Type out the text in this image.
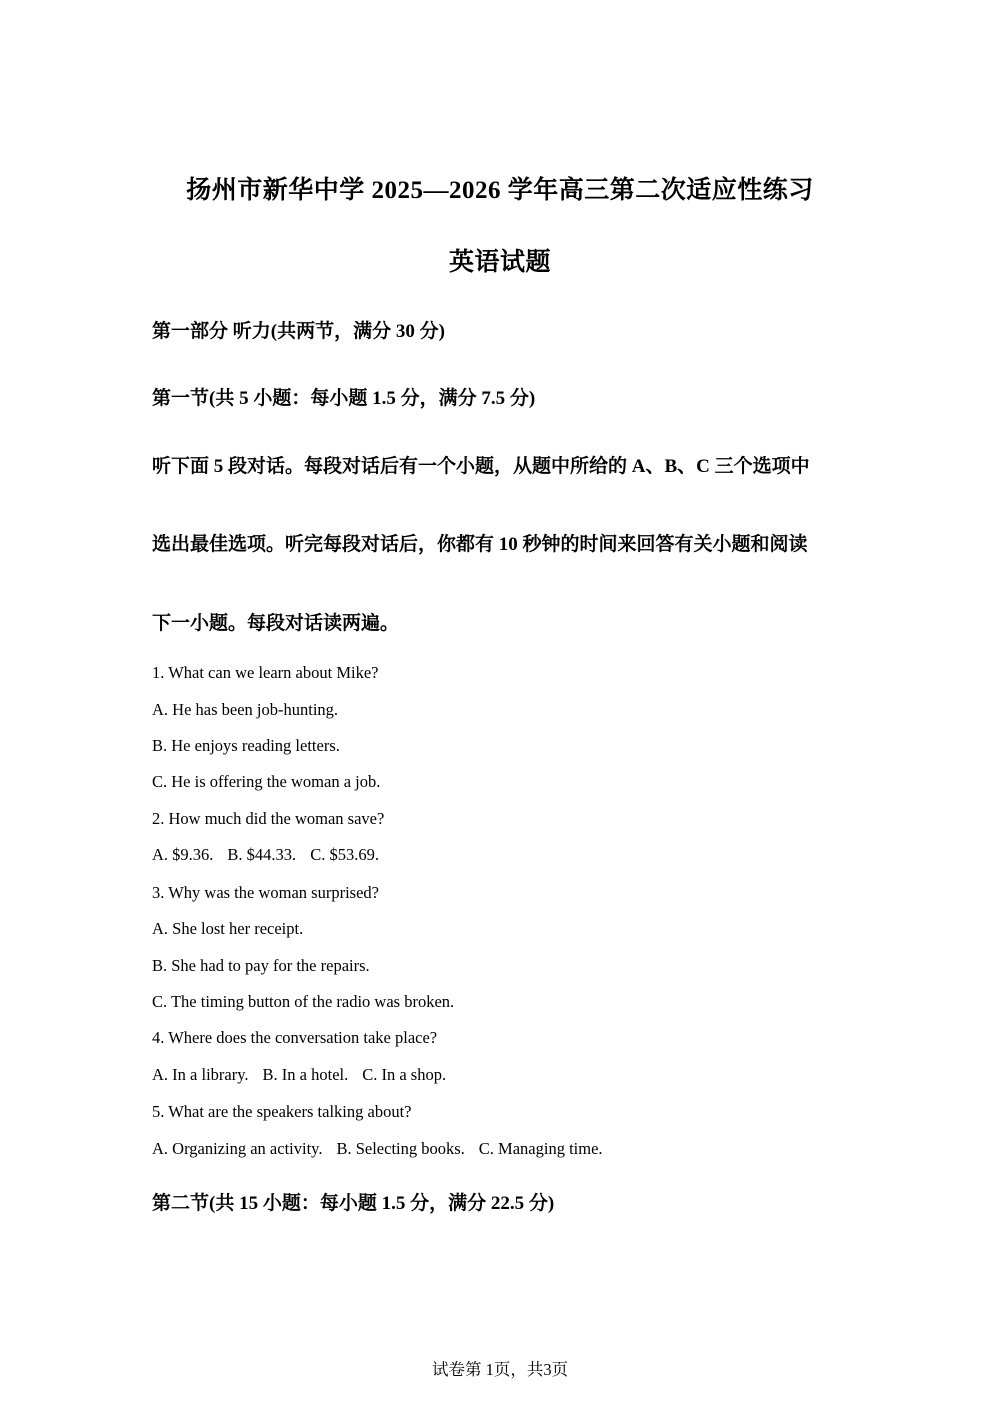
扬州市新华中学 2025—2026 学年高三第二次适应性练习
英语试题
第一部分 听力(共两节，满分 30 分)
第一节(共 5 小题：每小题 1.5 分，满分 7.5 分)
听下面 5 段对话。每段对话后有一个小题，从题中所给的 A、B、C 三个选项中
选出最佳选项。听完每段对话后，你都有 10 秒钟的时间来回答有关小题和阅读
下一小题。每段对话读两遍。
1. What can we learn about Mike?
A. He has been job-hunting.
B. He enjoys reading letters.
C. He is offering the woman a job.
2. How much did the woman save?
A. $9.36. B. $44.33. C. $53.69.
3. Why was the woman surprised?
A. She lost her receipt.
B. She had to pay for the repairs.
C. The timing button of the radio was broken.
4. Where does the conversation take place?
A. In a library. B. In a hotel. C. In a shop.
5. What are the speakers talking about?
A. Organizing an activity. B. Selecting books. C. Managing time.
第二节(共 15 小题：每小题 1.5 分，满分 22.5 分)
试卷第 1页，共3页
